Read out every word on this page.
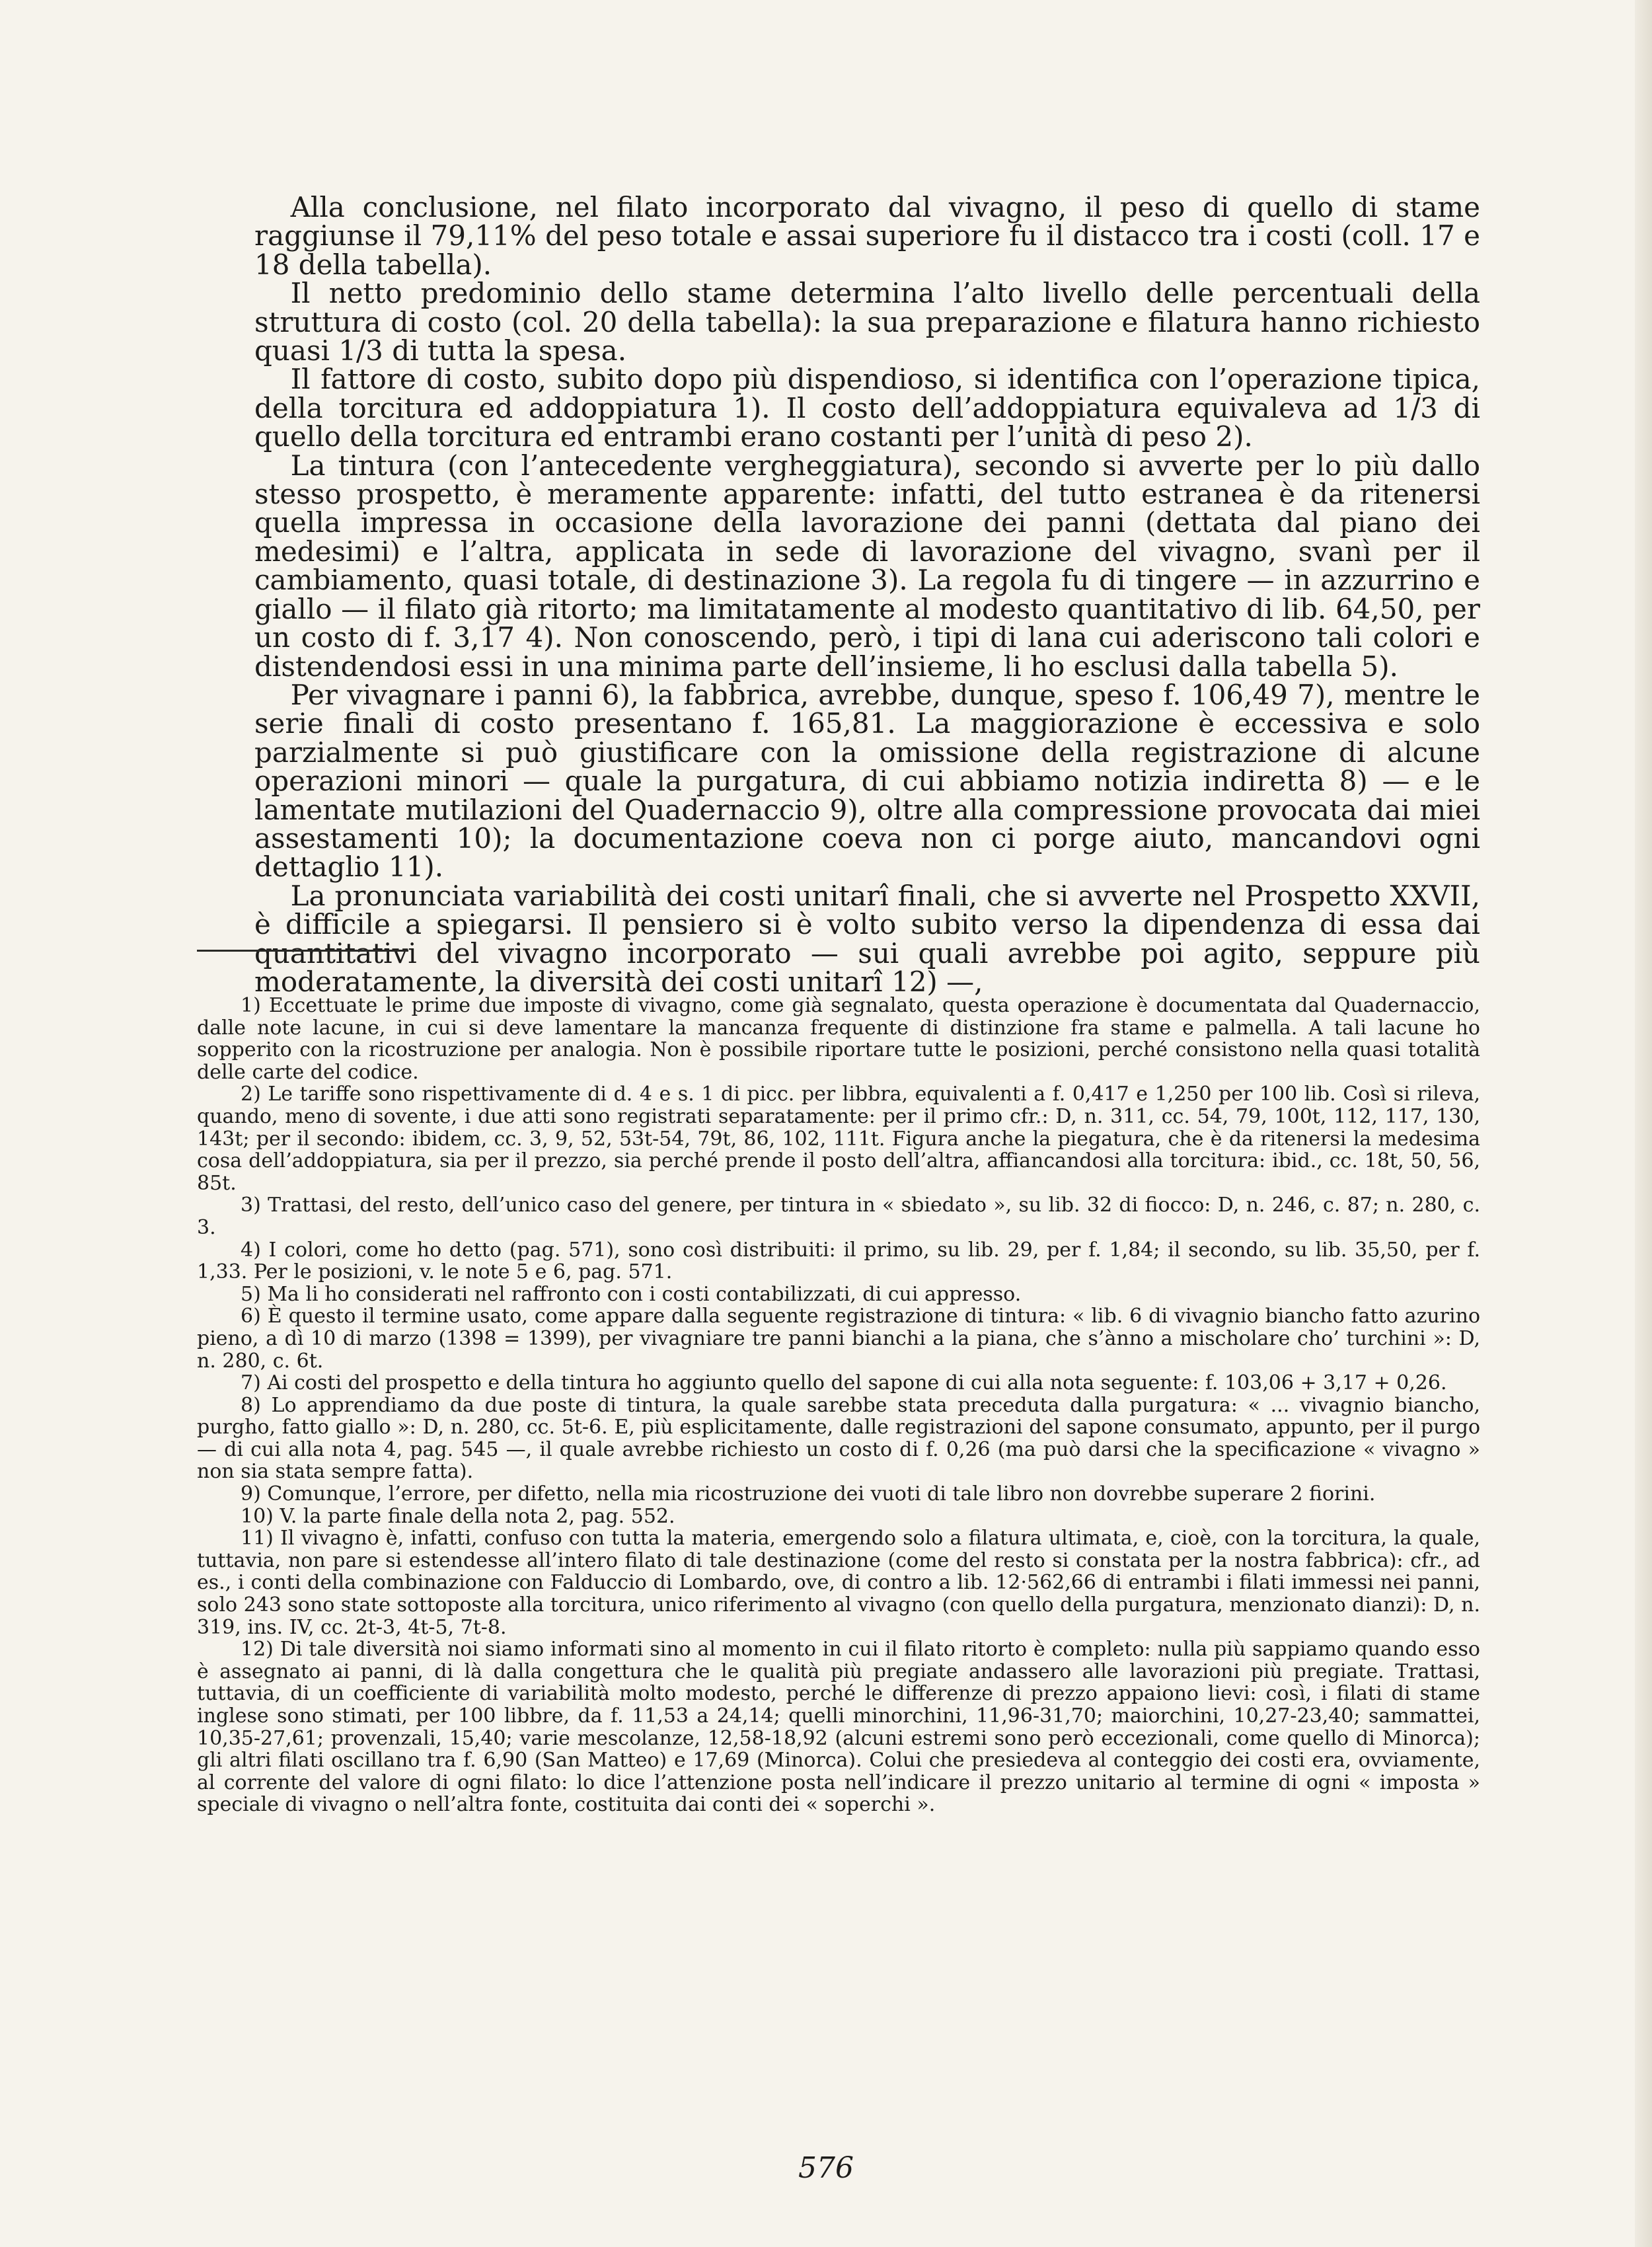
Alla conclusione, nel filato incorporato dal vivagno, il peso di quello di stame raggiunse il 79,11% del peso totale e assai superiore fu il distacco tra i costi (coll. 17 e 18 della tabella).

Il netto predominio dello stame determina l’alto livello delle percentuali della struttura di costo (col. 20 della tabella): la sua preparazione e filatura hanno richiesto quasi 1/3 di tutta la spesa.

Il fattore di costo, subito dopo più dispendioso, si identifica con l’operazione tipica, della torcitura ed addoppiatura 1). Il costo dell’addoppiatura equivaleva ad 1/3 di quello della torcitura ed entrambi erano costanti per l’unità di peso 2).

La tintura (con l’antecedente vergheggiatura), secondo si avverte per lo più dallo stesso prospetto, è meramente apparente: infatti, del tutto estranea è da ritenersi quella impressa in occasione della lavorazione dei panni (dettata dal piano dei medesimi) e l’altra, applicata in sede di lavorazione del vivagno, svanì per il cambiamento, quasi totale, di destinazione 3). La regola fu di tingere — in azzurrino e giallo — il filato già ritorto; ma limitatamente al modesto quantitativo di lib. 64,50, per un costo di f. 3,17 4). Non conoscendo, però, i tipi di lana cui aderiscono tali colori e distendendosi essi in una minima parte dell’insieme, li ho esclusi dalla tabella 5).

Per vivagnare i panni 6), la fabbrica, avrebbe, dunque, speso f. 106,49 7), mentre le serie finali di costo presentano f. 165,81. La maggiorazione è eccessiva e solo parzialmente si può giustificare con la omissione della registrazione di alcune operazioni minori — quale la purgatura, di cui abbiamo notizia indiretta 8) — e le lamentate mutilazioni del Quadernaccio 9), oltre alla compressione provocata dai miei assestamenti 10); la documentazione coeva non ci porge aiuto, mancandovi ogni dettaglio 11).

La pronunciata variabilità dei costi unitarî finali, che si avverte nel Prospetto XXVII, è difficile a spiegarsi. Il pensiero si è volto subito verso la dipendenza di essa dai quantitativi del vivagno incorporato — sui quali avrebbe poi agito, seppure più moderatamente, la diversità dei costi unitarî 12) —,

1) Eccettuate le prime due imposte di vivagno, come già segnalato, questa operazione è documentata dal Quadernaccio, dalle note lacune, in cui si deve lamentare la mancanza frequente di distinzione fra stame e palmella. A tali lacune ho sopperito con la ricostruzione per analogia. Non è possibile riportare tutte le posizioni, perché consistono nella quasi totalità delle carte del codice.

2) Le tariffe sono rispettivamente di d. 4 e s. 1 di picc. per libbra, equivalenti a f. 0,417 e 1,250 per 100 lib. Così si rileva, quando, meno di sovente, i due atti sono registrati separatamente: per il primo cfr.: D, n. 311, cc. 54, 79, 100t, 112, 117, 130, 143t; per il secondo: ibidem, cc. 3, 9, 52, 53t-54, 79t, 86, 102, 111t. Figura anche la piegatura, che è da ritenersi la medesima cosa dell’addoppiatura, sia per il prezzo, sia perché prende il posto dell’altra, affiancandosi alla torcitura: ibid., cc. 18t, 50, 56, 85t.

3) Trattasi, del resto, dell’unico caso del genere, per tintura in « sbiedato », su lib. 32 di fiocco: D, n. 246, c. 87; n. 280, c. 3.

4) I colori, come ho detto (pag. 571), sono così distribuiti: il primo, su lib. 29, per f. 1,84; il secondo, su lib. 35,50, per f. 1,33. Per le posizioni, v. le note 5 e 6, pag. 571.

5) Ma li ho considerati nel raffronto con i costi contabilizzati, di cui appresso.

6) È questo il termine usato, come appare dalla seguente registrazione di tintura: « lib. 6 di vivagnio biancho fatto azurino pieno, a dì 10 di marzo (1398 = 1399), per vivagniare tre panni bianchi a la piana, che s’ànno a mischolare cho’ turchini »: D, n. 280, c. 6t.

7) Ai costi del prospetto e della tintura ho aggiunto quello del sapone di cui alla nota seguente: f. 103,06 + 3,17 + 0,26.

8) Lo apprendiamo da due poste di tintura, la quale sarebbe stata preceduta dalla purgatura: « ... vivagnio biancho, purgho, fatto giallo »: D, n. 280, cc. 5t-6. E, più esplicitamente, dalle registrazioni del sapone consumato, appunto, per il purgo — di cui alla nota 4, pag. 545 —, il quale avrebbe richiesto un costo di f. 0,26 (ma può darsi che la specificazione « vivagno » non sia stata sempre fatta).

9) Comunque, l’errore, per difetto, nella mia ricostruzione dei vuoti di tale libro non dovrebbe superare 2 fiorini.

10) V. la parte finale della nota 2, pag. 552.

11) Il vivagno è, infatti, confuso con tutta la materia, emergendo solo a filatura ultimata, e, cioè, con la torcitura, la quale, tuttavia, non pare si estendesse all’intero filato di tale destinazione (come del resto si constata per la nostra fabbrica): cfr., ad es., i conti della combinazione con Falduccio di Lombardo, ove, di contro a lib. 12·562,66 di entrambi i filati immessi nei panni, solo 243 sono state sottoposte alla torcitura, unico riferimento al vivagno (con quello della purgatura, menzionato dianzi): D, n. 319, ins. IV, cc. 2t-3, 4t-5, 7t-8.

12) Di tale diversità noi siamo informati sino al momento in cui il filato ritorto è completo: nulla più sappiamo quando esso è assegnato ai panni, di là dalla congettura che le qualità più pregiate andassero alle lavorazioni più pregiate. Trattasi, tuttavia, di un coefficiente di variabilità molto modesto, perché le differenze di prezzo appaiono lievi: così, i filati di stame inglese sono stimati, per 100 libbre, da f. 11,53 a 24,14; quelli minorchini, 11,96-31,70; maiorchini, 10,27-23,40; sammattei, 10,35-27,61; provenzali, 15,40; varie mescolanze, 12,58-18,92 (alcuni estremi sono però eccezionali, come quello di Minorca); gli altri filati oscillano tra f. 6,90 (San Matteo) e 17,69 (Minorca). Colui che presiedeva al conteggio dei costi era, ovviamente, al corrente del valore di ogni filato: lo dice l’attenzione posta nell’indicare il prezzo unitario al termine di ogni « imposta » speciale di vivagno o nell’altra fonte, costituita dai conti dei « soperchi ».

576
